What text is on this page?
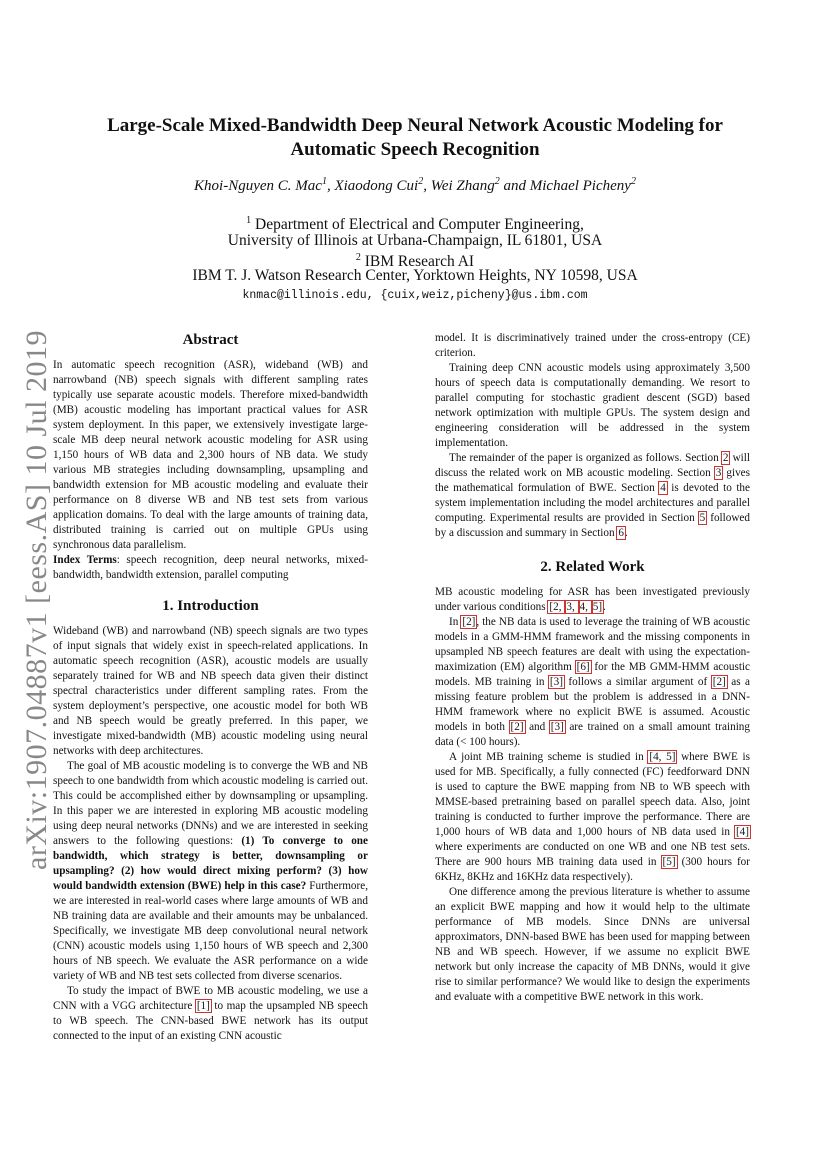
arXiv:1907.04887v1 [eess.AS] 10 Jul 2019
Large-Scale Mixed-Bandwidth Deep Neural Network Acoustic Modeling for
Automatic Speech Recognition
Khoi-Nguyen C. Mac$^1$, Xiaodong Cui$^2$, Wei Zhang$^2$ and Michael Picheny$^2$
$^1$ Department of Electrical and Computer Engineering,
University of Illinois at Urbana-Champaign, IL 61801, USA
$^2$ IBM Research AI
IBM T. J. Watson Research Center, Yorktown Heights, NY 10598, USA
knmac@illinois.edu, {cuix,weiz,picheny}@us.ibm.com
Abstract

In automatic speech recognition (ASR), wideband (WB) and narrowband (NB) speech signals with different sampling rates typically use separate acoustic models. Therefore mixed-bandwidth (MB) acoustic modeling has important practical values for ASR system deployment. In this paper, we extensively investigate large-scale MB deep neural network acoustic modeling for ASR using 1,150 hours of WB data and 2,300 hours of NB data. We study various MB strategies including downsampling, upsampling and bandwidth extension for MB acoustic modeling and evaluate their performance on 8 diverse WB and NB test sets from various application domains. To deal with the large amounts of training data, distributed training is carried out on multiple GPUs using synchronous data parallelism.

Index Terms: speech recognition, deep neural networks, mixed-bandwidth, bandwidth extension, parallel computing

1. Introduction

Wideband (WB) and narrowband (NB) speech signals are two types of input signals that widely exist in speech-related applications. In automatic speech recognition (ASR), acoustic models are usually separately trained for WB and NB speech data given their distinct spectral characteristics under different sampling rates. From the system deployment’s perspective, one acoustic model for both WB and NB speech would be greatly preferred. In this paper, we investigate mixed-bandwidth (MB) acoustic modeling using neural networks with deep architectures.

The goal of MB acoustic modeling is to converge the WB and NB speech to one bandwidth from which acoustic modeling is carried out. This could be accomplished either by downsampling or upsampling. In this paper we are interested in exploring MB acoustic modeling using deep neural networks (DNNs) and we are interested in seeking answers to the following questions: (1) To converge to one bandwidth, which strategy is better, downsampling or upsampling? (2) how would direct mixing perform? (3) how would bandwidth extension (BWE) help in this case? Furthermore, we are interested in real-world cases where large amounts of WB and NB training data are available and their amounts may be unbalanced. Specifically, we investigate MB deep convolutional neural network (CNN) acoustic models using 1,150 hours of WB speech and 2,300 hours of NB speech. We evaluate the ASR performance on a wide variety of WB and NB test sets collected from diverse scenarios.

To study the impact of BWE to MB acoustic modeling, we use a CNN with a VGG architecture [1] to map the upsampled NB speech to WB speech. The CNN-based BWE network has its output connected to the input of an existing CNN acoustic

model. It is discriminatively trained under the cross-entropy (CE) criterion.

Training deep CNN acoustic models using approximately 3,500 hours of speech data is computationally demanding. We resort to parallel computing for stochastic gradient descent (SGD) based network optimization with multiple GPUs. The system design and engineering consideration will be addressed in the system implementation.

The remainder of the paper is organized as follows. Section 2 will discuss the related work on MB acoustic modeling. Section 3 gives the mathematical formulation of BWE. Section 4 is devoted to the system implementation including the model architectures and parallel computing. Experimental results are provided in Section 5 followed by a discussion and summary in Section 6.

2. Related Work

MB acoustic modeling for ASR has been investigated previously under various conditions [2, 3, 4, 5].

In [2], the NB data is used to leverage the training of WB acoustic models in a GMM-HMM framework and the missing components in upsampled NB speech features are dealt with using the expectation-maximization (EM) algorithm [6] for the MB GMM-HMM acoustic models. MB training in [3] follows a similar argument of [2] as a missing feature problem but the problem is addressed in a DNN-HMM framework where no explicit BWE is assumed. Acoustic models in both [2] and [3] are trained on a small amount training data (< 100 hours).

A joint MB training scheme is studied in [4, 5] where BWE is used for MB. Specifically, a fully connected (FC) feedforward DNN is used to capture the BWE mapping from NB to WB speech with MMSE-based pretraining based on parallel speech data. Also, joint training is conducted to further improve the performance. There are 1,000 hours of WB data and 1,000 hours of NB data used in [4] where experiments are conducted on one WB and one NB test sets. There are 900 hours MB training data used in [5] (300 hours for 6KHz, 8KHz and 16KHz data respectively).

One difference among the previous literature is whether to assume an explicit BWE mapping and how it would help to the ultimate performance of MB models. Since DNNs are universal approximators, DNN-based BWE has been used for mapping between NB and WB speech. However, if we assume no explicit BWE network but only increase the capacity of MB DNNs, would it give rise to similar performance? We would like to design the experiments and evaluate with a competitive BWE network in this work.
